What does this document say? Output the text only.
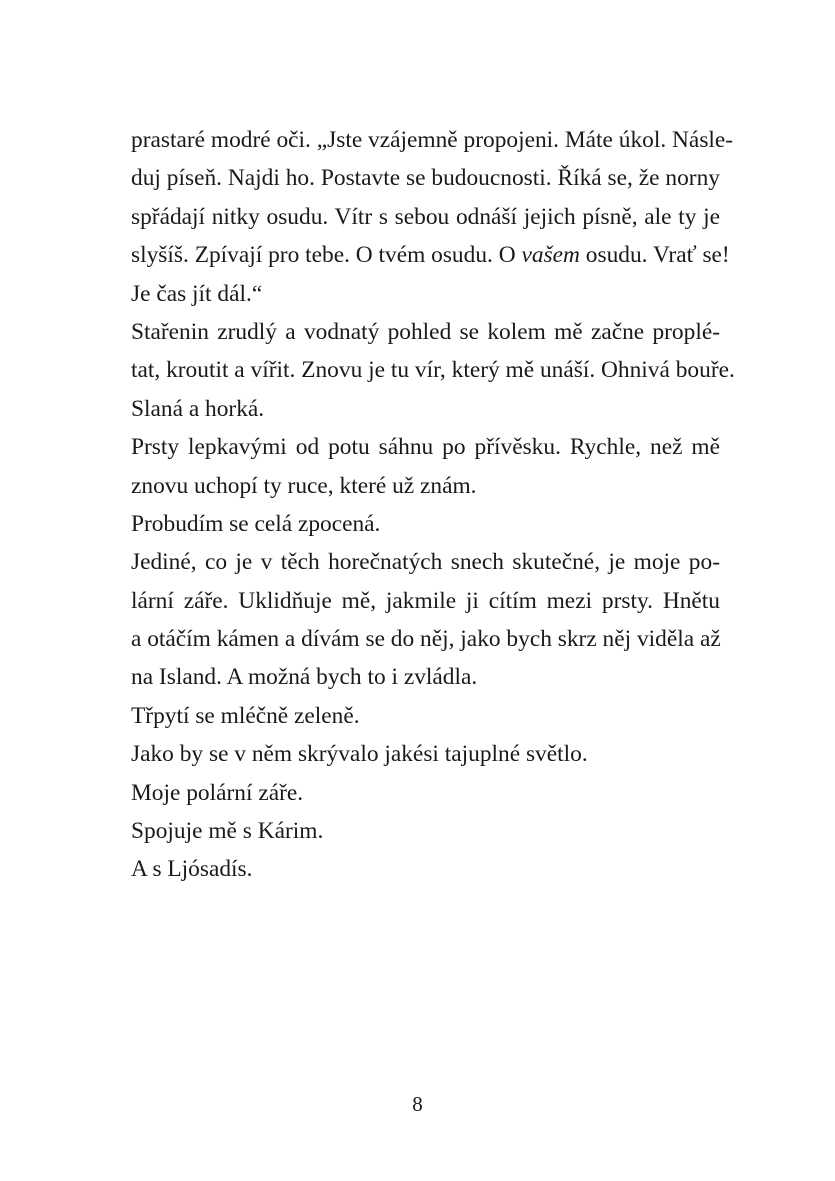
prastaré modré oči. „Jste vzájemně propojeni. Máte úkol. Násle-
duj píseň. Najdi ho. Postavte se budoucnosti. Říká se, že norny
spřádají nitky osudu. Vítr s sebou odnáší jejich písně, ale ty je
slyšíš. Zpívají pro tebe. O tvém osudu. O vašem osudu. Vrať se!
Je čas jít dál.“
Stařenin zrudlý a vodnatý pohled se kolem mě začne proplé-
tat, kroutit a vířit. Znovu je tu vír, který mě unáší. Ohnivá bouře.
Slaná a horká.
Prsty lepkavými od potu sáhnu po přívěsku. Rychle, než mě
znovu uchopí ty ruce, které už znám.
Probudím se celá zpocená.
Jediné, co je v těch horečnatých snech skutečné, je moje po-
lární záře. Uklidňuje mě, jakmile ji cítím mezi prsty. Hnětu
a otáčím kámen a dívám se do něj, jako bych skrz něj viděla až
na Island. A možná bych to i zvládla.
Třpytí se mléčně zeleně.
Jako by se v něm skrývalo jakési tajuplné světlo.
Moje polární záře.
Spojuje mě s Kárim.
A s Ljósadís.
8
